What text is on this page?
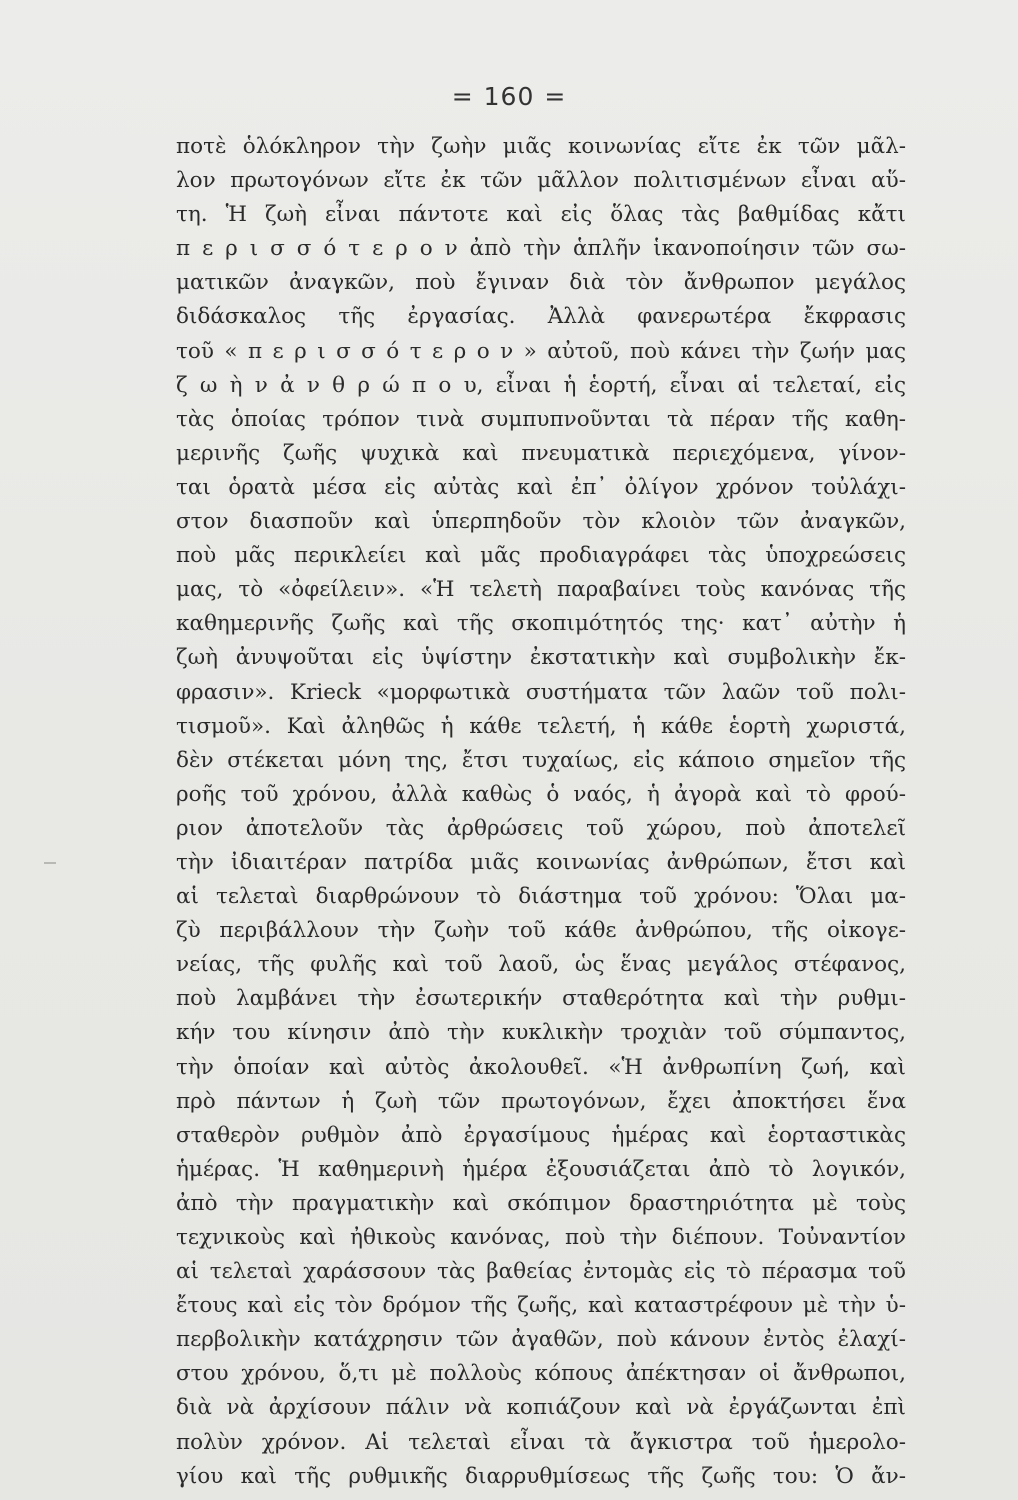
= 160 =
ποτὲ ὁλόκληρον τὴν ζωὴν μιᾶς κοινωνίας εἴτε ἐκ τῶν μᾶλ-
λον πρωτογόνων εἴτε ἐκ τῶν μᾶλλον πολιτισμένων εἶναι αὕ-
τη. Ἡ ζωὴ εἶναι πάντοτε καὶ εἰς ὅλας τὰς βαθμίδας κἄτι
π ε ρ ι σ σ ό τ ε ρ ο ν ἀπὸ τὴν ἁπλῆν ἱκανοποίησιν τῶν σω-
ματικῶν ἀναγκῶν, ποὺ ἔγιναν διὰ τὸν ἄνθρωπον μεγάλος
διδάσκαλος τῆς ἐργασίας. Ἀλλὰ φανερωτέρα ἔκφρασις
τοῦ « π ε ρ ι σ σ ό τ ε ρ ο ν » αὐτοῦ, ποὺ κάνει τὴν ζωήν μας
ζ ω ὴ ν ἀ ν θ ρ ώ π ο υ, εἶναι ἡ ἑορτή, εἶναι αἱ τελεταί, εἰς
τὰς ὁποίας τρόπον τινὰ συμπυπνοῦνται τὰ πέραν τῆς καθη-
μερινῆς ζωῆς ψυχικὰ καὶ πνευματικὰ περιεχόμενα, γίνον-
ται ὁρατὰ μέσα εἰς αὐτὰς καὶ ἐπ᾽ ὀλίγον χρόνον τοὐλάχι-
στον διασποῦν καὶ ὑπερπηδοῦν τὸν κλοιὸν τῶν ἀναγκῶν,
ποὺ μᾶς περικλείει καὶ μᾶς προδιαγράφει τὰς ὑποχρεώσεις
μας, τὸ «ὀφείλειν». «Ἡ τελετὴ παραβαίνει τοὺς κανόνας τῆς
καθημερινῆς ζωῆς καὶ τῆς σκοπιμότητός της· κατ᾽ αὐτὴν ἡ
ζωὴ ἀνυψοῦται εἰς ὑψίστην ἐκστατικὴν καὶ συμβολικὴν ἔκ-
φρασιν». Krieck «μορφωτικὰ συστήματα τῶν λαῶν τοῦ πολι-
τισμοῦ». Καὶ ἀληθῶς ἡ κάθε τελετή, ἡ κάθε ἑορτὴ χωριστά,
δὲν στέκεται μόνη της, ἔτσι τυχαίως, εἰς κάποιο σημεῖον τῆς
ροῆς τοῦ χρόνου, ἀλλὰ καθὼς ὁ ναός, ἡ ἀγορὰ καὶ τὸ φρού-
ριον ἀποτελοῦν τὰς ἀρθρώσεις τοῦ χώρου, ποὺ ἀποτελεῖ
τὴν ἰδιαιτέραν πατρίδα μιᾶς κοινωνίας ἀνθρώπων, ἔτσι καὶ
αἱ τελεταὶ διαρθρώνουν τὸ διάστημα τοῦ χρόνου: Ὅλαι μα-
ζὺ περιβάλλουν τὴν ζωὴν τοῦ κάθε ἀνθρώπου, τῆς οἰκογε-
νείας, τῆς φυλῆς καὶ τοῦ λαοῦ, ὡς ἕνας μεγάλος στέφανος,
ποὺ λαμβάνει τὴν ἐσωτερικήν σταθερότητα καὶ τὴν ρυθμι-
κήν του κίνησιν ἀπὸ τὴν κυκλικὴν τροχιὰν τοῦ σύμπαντος,
τὴν ὁποίαν καὶ αὐτὸς ἀκολουθεῖ. «Ἡ ἀνθρωπίνη ζωή, καὶ
πρὸ πάντων ἡ ζωὴ τῶν πρωτογόνων, ἔχει ἀποκτήσει ἕνα
σταθερὸν ρυθμὸν ἀπὸ ἐργασίμους ἡμέρας καὶ ἑορταστικὰς
ἡμέρας. Ἡ καθημερινὴ ἡμέρα ἐξουσιάζεται ἀπὸ τὸ λογικόν,
ἀπὸ τὴν πραγματικὴν καὶ σκόπιμον δραστηριότητα μὲ τοὺς
τεχνικοὺς καὶ ἠθικοὺς κανόνας, ποὺ τὴν διέπουν. Τοὐναντίον
αἱ τελεταὶ χαράσσουν τὰς βαθείας ἐντομὰς εἰς τὸ πέρασμα τοῦ
ἔτους καὶ εἰς τὸν δρόμον τῆς ζωῆς, καὶ καταστρέφουν μὲ τὴν ὑ-
περβολικὴν κατάχρησιν τῶν ἀγαθῶν, ποὺ κάνουν ἐντὸς ἐλαχί-
στου χρόνου, ὅ,τι μὲ πολλοὺς κόπους ἀπέκτησαν οἱ ἄνθρωποι,
διὰ νὰ ἀρχίσουν πάλιν νὰ κοπιάζουν καὶ νὰ ἐργάζωνται ἐπὶ
πολὺν χρόνον. Αἱ τελεταὶ εἶναι τὰ ἄγκιστρα τοῦ ἡμερολο-
γίου καὶ τῆς ρυθμικῆς διαρρυθμίσεως τῆς ζωῆς του: Ὁ ἄν-
